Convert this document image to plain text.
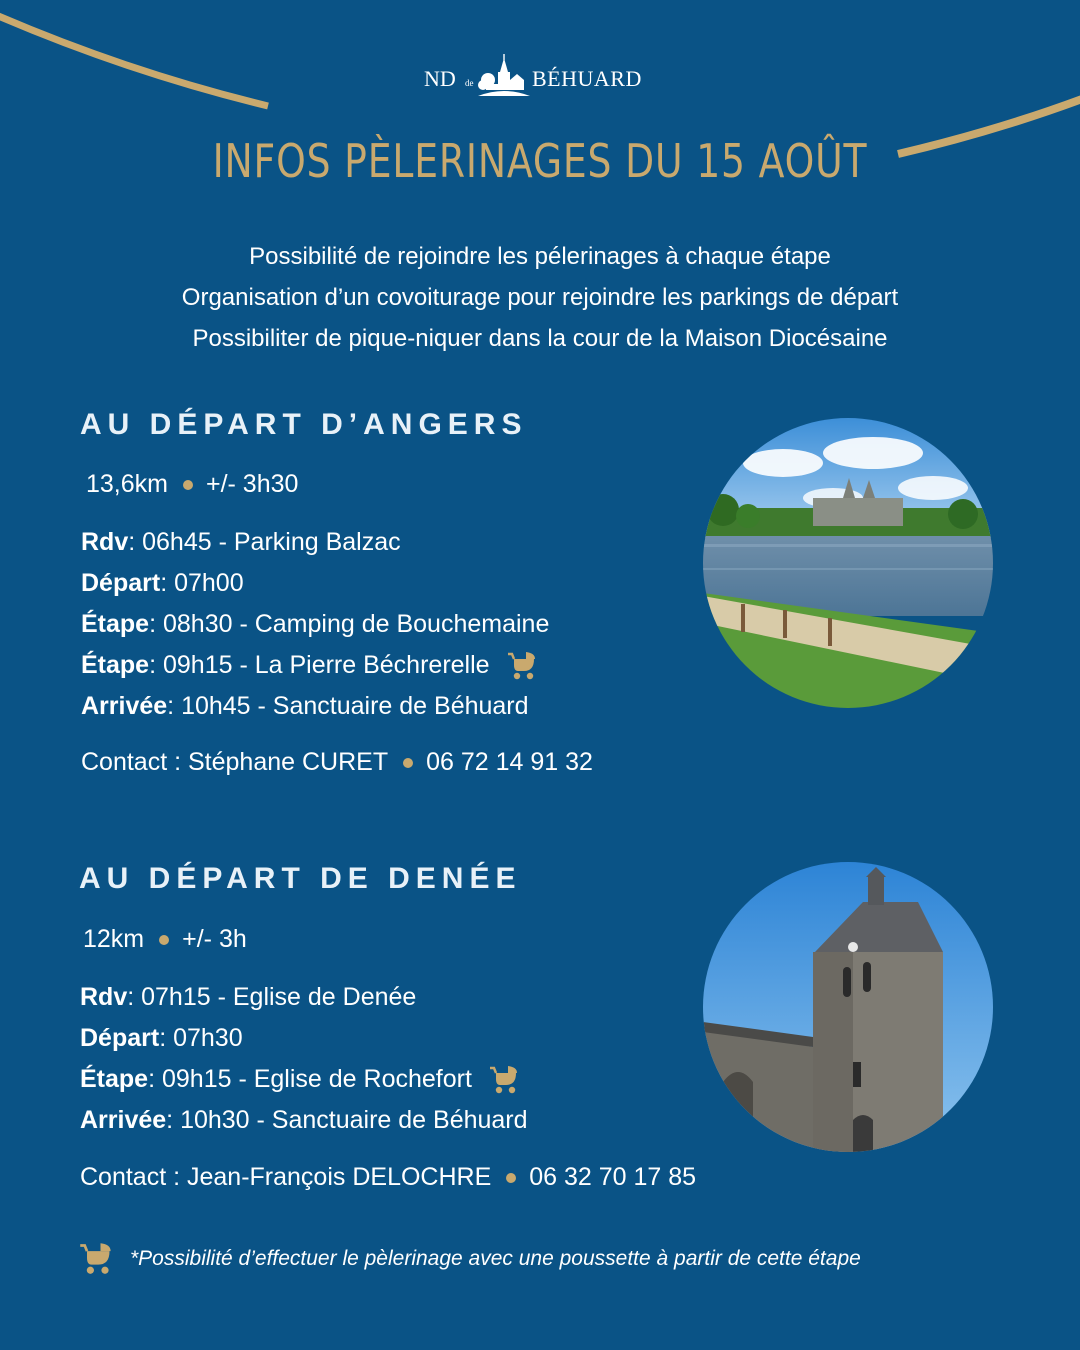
ND de	BÉHUARD
INFOS PÈLERINAGES DU 15 AOÛT
Possibilité de rejoindre les pélerinages à chaque étape
Organisation d’un covoiturage pour rejoindre les parkings de départ
Possibiliter de pique-niquer dans la cour de la Maison Diocésaine
AU DÉPART D’ANGERS
13,6km +/- 3h30
Rdv : 06h45 - Parking Balzac
Départ : 07h00
Étape : 08h30 - Camping de Bouchemaine
Étape : 09h15 - La Pierre Béchrerelle
Arrivée : 10h45 - Sanctuaire de Béhuard
Contact : Stéphane CURET 06 72 14 91 32
AU DÉPART DE DENÉE
12km +/- 3h
Rdv : 07h15 - Eglise de Denée
Départ : 07h30
Étape : 09h15 - Eglise de Rochefort
Arrivée : 10h30 - Sanctuaire de Béhuard
Contact : Jean-François DELOCHRE 06 32 70 17 85
*Possibilité d’effectuer le pèlerinage avec une poussette à partir de cette étape
